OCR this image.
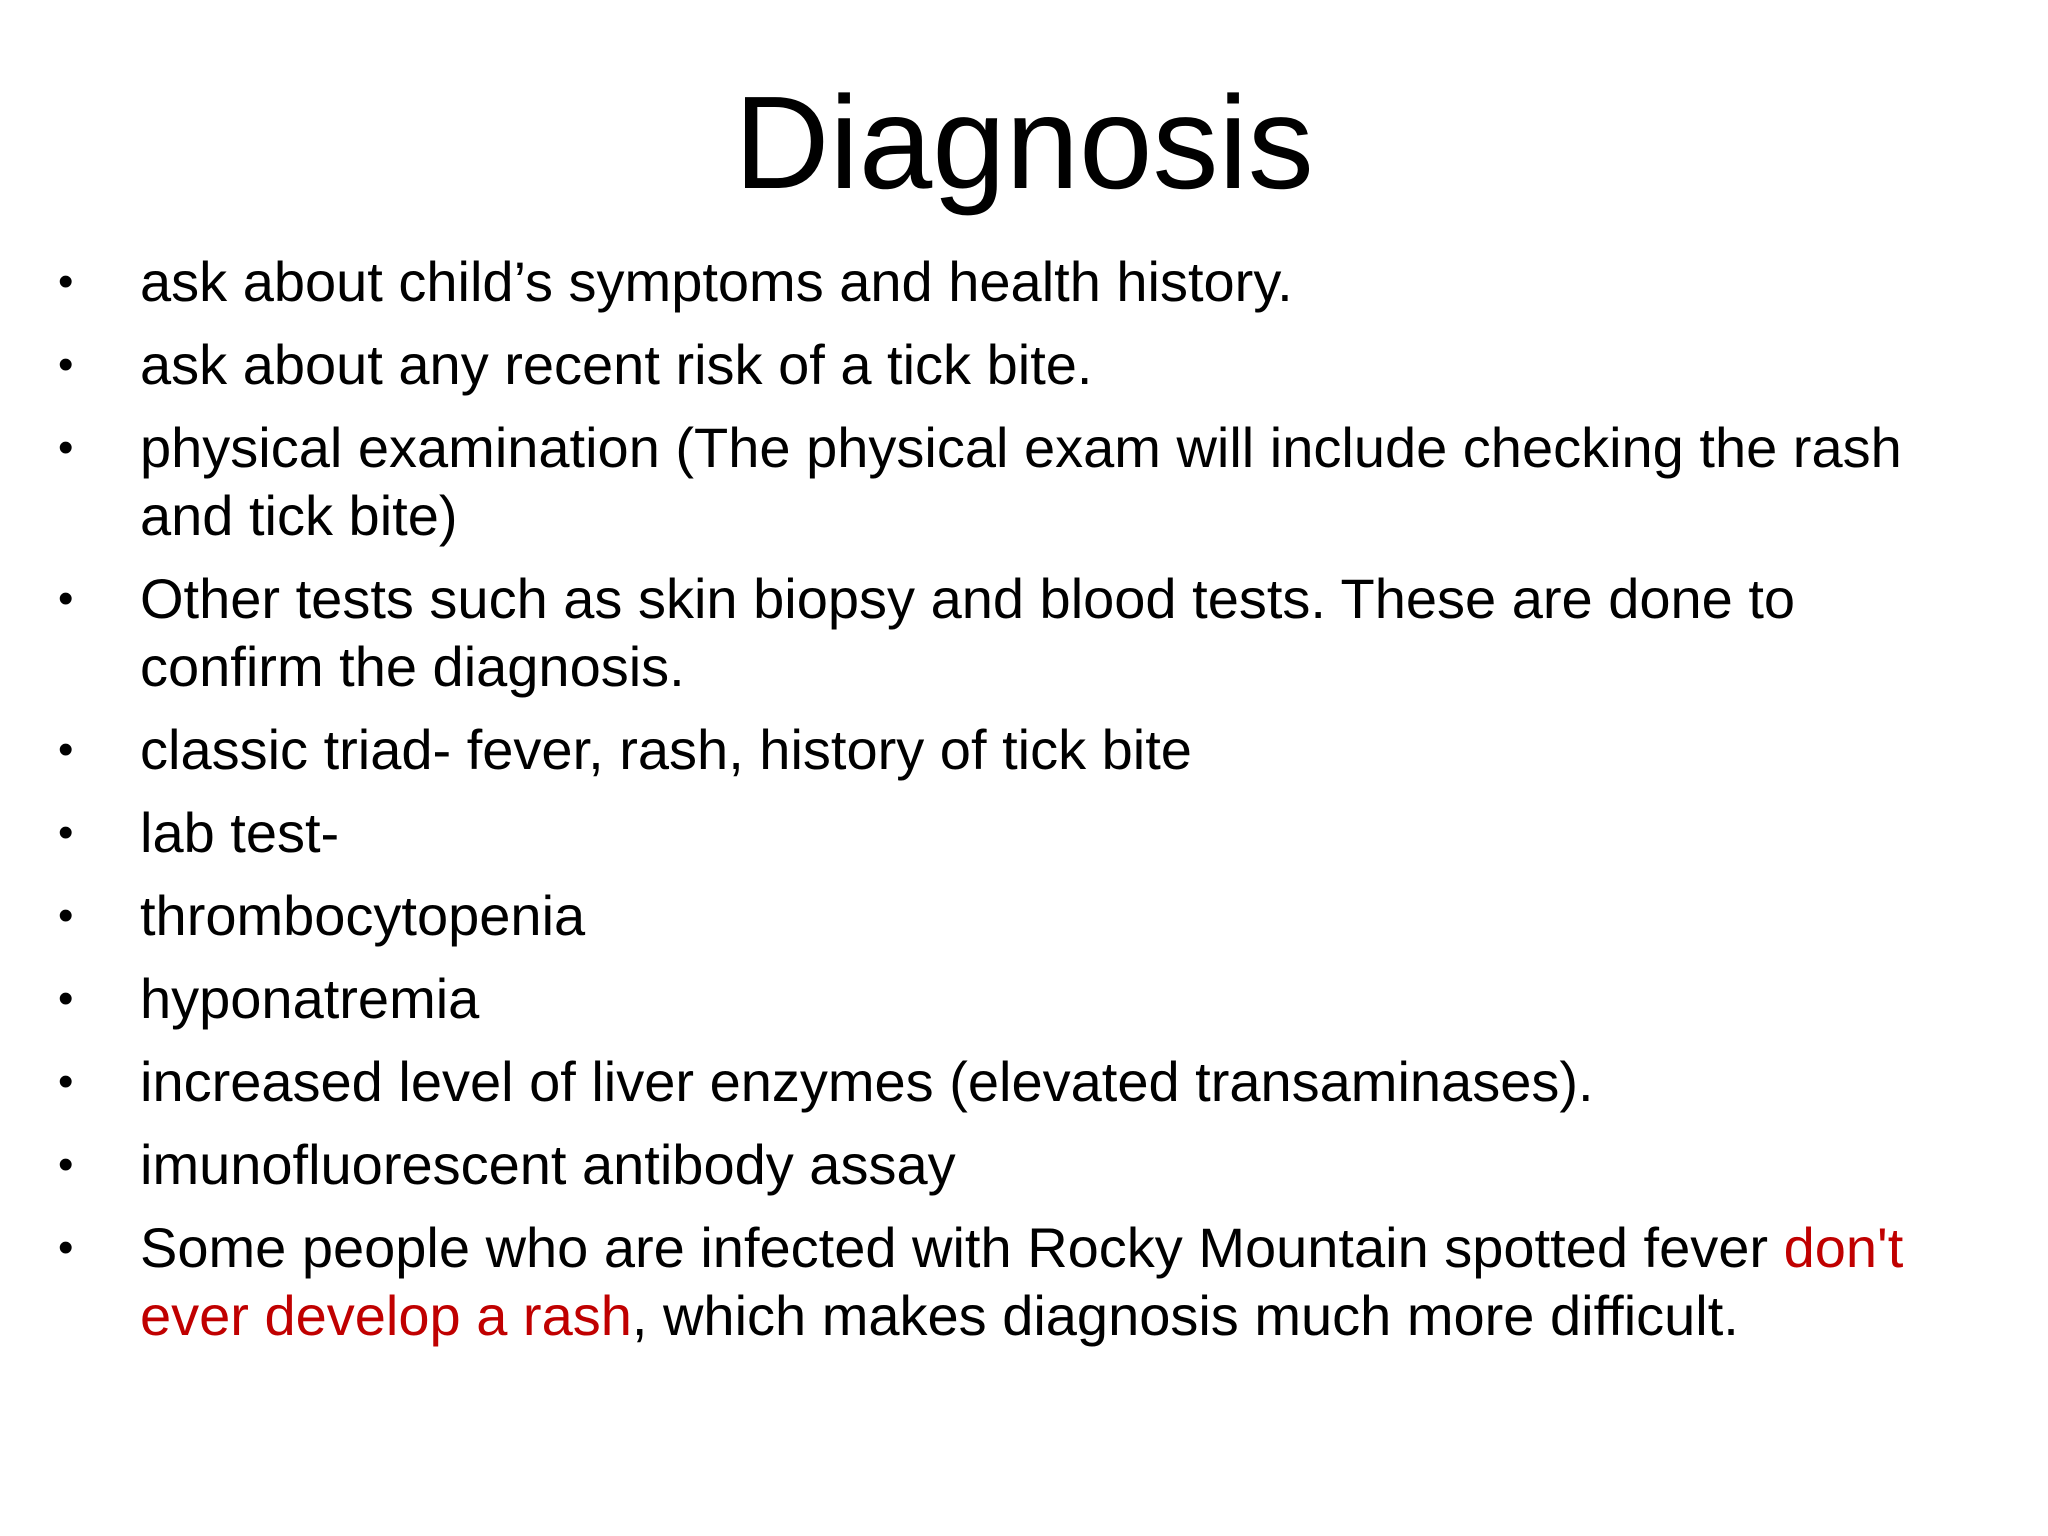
Diagnosis
• ask about child’s symptoms and health history.
• ask about any recent risk of a tick bite.
• physical examination (The physical exam will include checking the rash and tick bite)
• Other tests such as skin biopsy and blood tests. These are done to confirm the diagnosis.
• classic triad- fever, rash, history of tick bite
• lab test-
• thrombocytopenia
• hyponatremia
• increased level of liver enzymes (elevated transaminases).
• imunofluorescent antibody assay
• Some people who are infected with Rocky Mountain spotted fever don't ever develop a rash, which makes diagnosis much more difficult.
